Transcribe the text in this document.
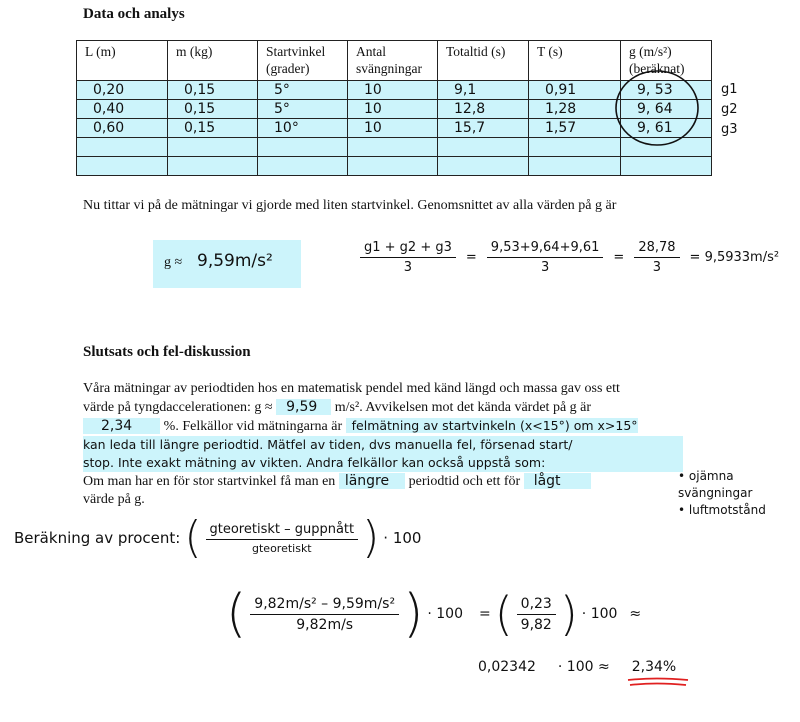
Data och analys
L (m)	m (kg)	Startvinkel (grader)	Antal svängningar	Totaltid (s)	T (s)	g (m/s²) (beräknat)
0,20	0,15	5°	10	9,1	0,91	9, 53
0,40	0,15	5°	10	12,8	1,28	9, 64
0,60	0,15	10°	10	15,7	1,57	9, 61

g1
g2
g3
Nu tittar vi på de mätningar vi gjorde med liten startvinkel. Genomsnittet av alla värden på g är
g ≈ 9,59m/s²	$\frac{g1 + g2 + g3}{3} = \frac{9,53+9,64+9,61}{3} = \frac{28,78}{3} = 9,5933m/s^2$
Slutsats och fel-diskussion
Våra mätningar av periodtiden hos en matematisk pendel med känd längd och massa gav oss ett
värde på tyngdaccelerationen: g ≈ 9,59 m/s². Avvikelsen mot det kända värdet på g är
2,34 %. Felkällor vid mätningarna är felmätning av startvinkeln (x<15°) om x>15°
kan leda till längre periodtid. Mätfel av tiden, dvs manuella fel, försenad start/
stop. Inte exakt mätning av vikten. Andra felkällor kan också uppstå som:
Om man har en för stor startvinkel få man en längre periodtid och ett för lågt
värde på g.
• ojämna svängningar
• luftmotstånd
Beräkning av procent: ( $\frac{\text{gteoretiskt – guppnått}}{\text{gteoretiskt}}$ ) · 100
( $\frac{\text{9,82m/s² – 9,59m/s²}}{9,82m/s}$ ) · 100 = ( $\frac{0,23}{9,82}$ ) · 100 ≈
0,02342 · 100 ≈ 2,34%
